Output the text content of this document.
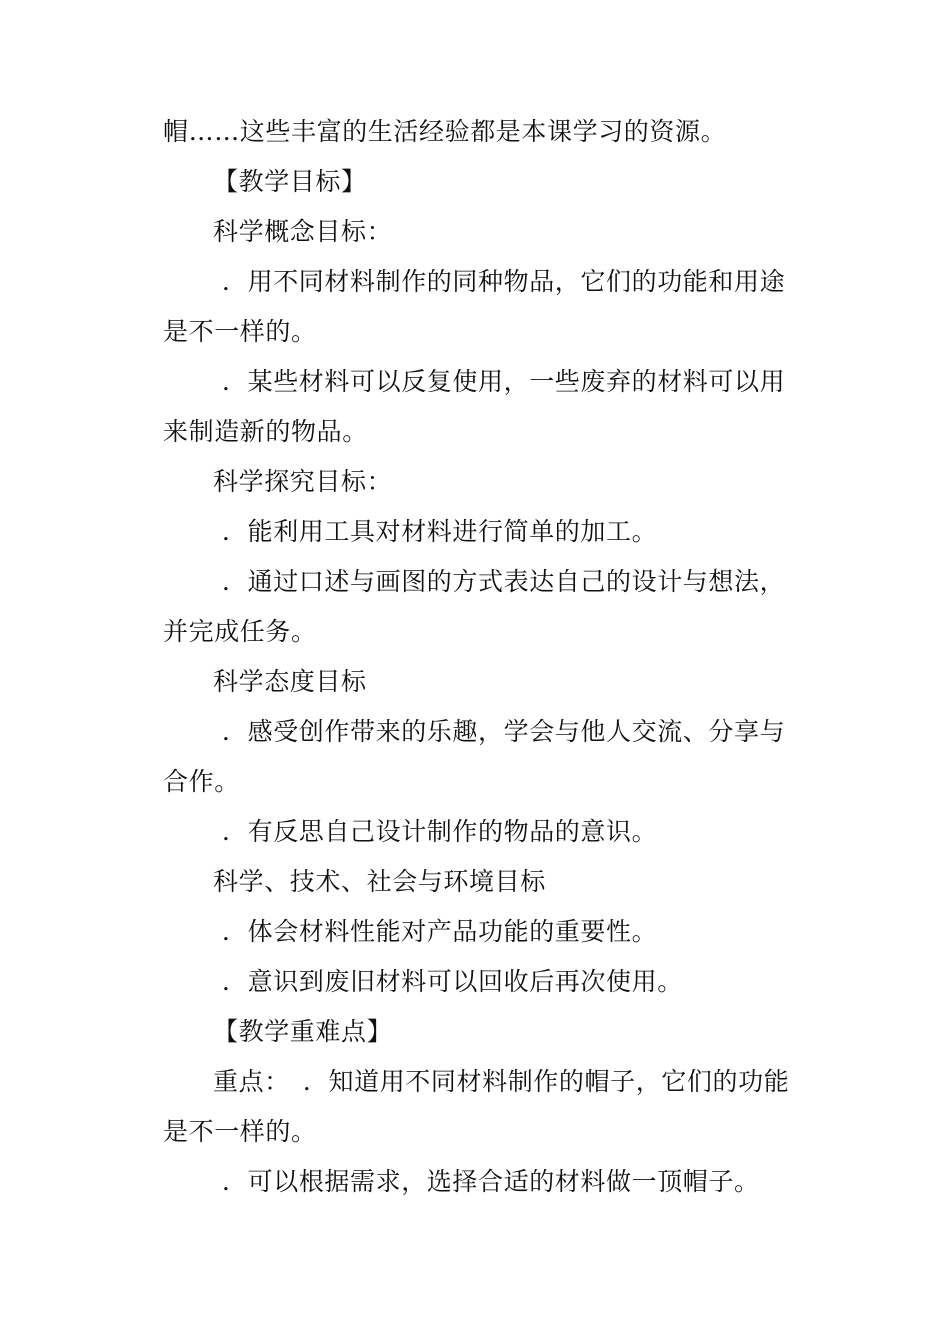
帽……这些丰富的生活经验都是本课学习的资源。
【教学目标】
科学概念目标：
．用不同材料制作的同种物品，它们的功能和用途
是不一样的。
．某些材料可以反复使用，一些废弃的材料可以用
来制造新的物品。
科学探究目标：
．能利用工具对材料进行简单的加工。
．通过口述与画图的方式表达自己的设计与想法，
并完成任务。
科学态度目标
．感受创作带来的乐趣，学会与他人交流、分享与
合作。
．有反思自己设计制作的物品的意识。
科学、技术、社会与环境目标
．体会材料性能对产品功能的重要性。
．意识到废旧材料可以回收后再次使用。
【教学重难点】
重点：　．知道用不同材料制作的帽子，它们的功能
是不一样的。
．可以根据需求，选择合适的材料做一顶帽子。
